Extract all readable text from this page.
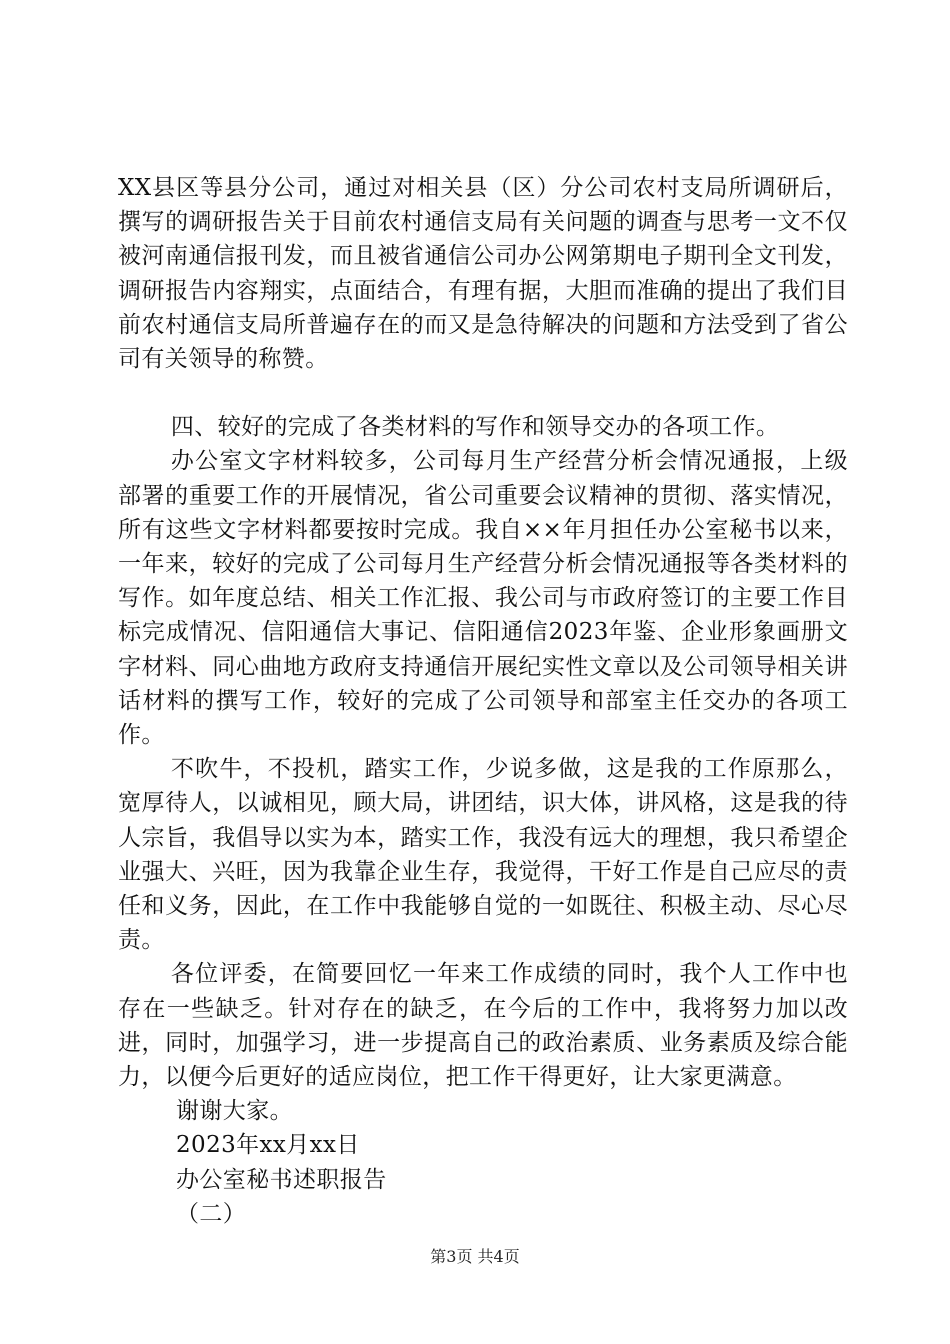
XX县区等县分公司，通过对相关县（区）分公司农村支局所调研后，撰写的调研报告关于目前农村通信支局有关问题的调查与思考一文不仅被河南通信报刊发，而且被省通信公司办公网第期电子期刊全文刊发，调研报告内容翔实，点面结合，有理有据，大胆而准确的提出了我们目前农村通信支局所普遍存在的而又是急待解决的问题和方法受到了省公司有关领导的称赞。

四、较好的完成了各类材料的写作和领导交办的各项工作。

办公室文字材料较多，公司每月生产经营分析会情况通报，上级部署的重要工作的开展情况，省公司重要会议精神的贯彻、落实情况，所有这些文字材料都要按时完成。我自××年月担任办公室秘书以来，一年来，较好的完成了公司每月生产经营分析会情况通报等各类材料的写作。如年度总结、相关工作汇报、我公司与市政府签订的主要工作目标完成情况、信阳通信大事记、信阳通信2023年鉴、企业形象画册文字材料、同心曲地方政府支持通信开展纪实性文章以及公司领导相关讲话材料的撰写工作，较好的完成了公司领导和部室主任交办的各项工作。

不吹牛，不投机，踏实工作，少说多做，这是我的工作原那么，宽厚待人，以诚相见，顾大局，讲团结，识大体，讲风格，这是我的待人宗旨，我倡导以实为本，踏实工作，我没有远大的理想，我只希望企业强大、兴旺，因为我靠企业生存，我觉得，干好工作是自己应尽的责任和义务，因此，在工作中我能够自觉的一如既往、积极主动、尽心尽责。

各位评委，在简要回忆一年来工作成绩的同时，我个人工作中也存在一些缺乏。针对存在的缺乏，在今后的工作中，我将努力加以改进，同时，加强学习，进一步提高自己的政治素质、业务素质及综合能力，以便今后更好的适应岗位，把工作干得更好，让大家更满意。

谢谢大家。

2023年xx月xx日

办公室秘书述职报告

（二）

第3页 共4页
